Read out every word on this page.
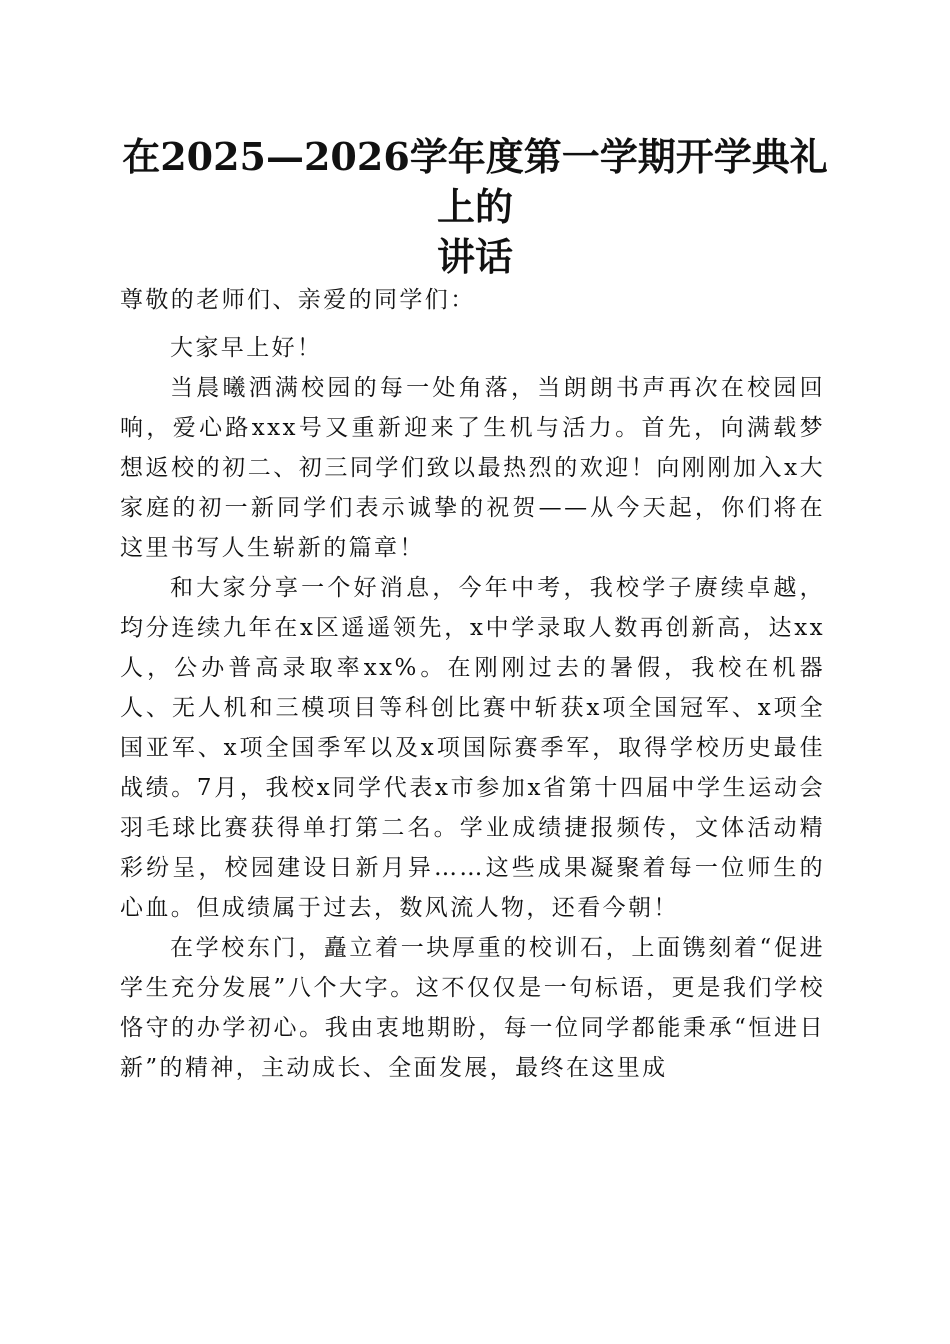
在2025—2026学年度第一学期开学典礼上的
讲话

尊敬的老师们、亲爱的同学们：

大家早上好！

当晨曦洒满校园的每一处角落，当朗朗书声再次在校园回响，爱心路xxx号又重新迎来了生机与活力。首先，向满载梦想返校的初二、初三同学们致以最热烈的欢迎！向刚刚加入x大家庭的初一新同学们表示诚挚的祝贺——从今天起，你们将在这里书写人生崭新的篇章！

和大家分享一个好消息，今年中考，我校学子赓续卓越，均分连续九年在x区遥遥领先，x中学录取人数再创新高，达xx人，公办普高录取率xx%。在刚刚过去的暑假，我校在机器人、无人机和三模项目等科创比赛中斩获x项全国冠军、x项全国亚军、x项全国季军以及x项国际赛季军，取得学校历史最佳战绩。7月，我校x同学代表x市参加x省第十四届中学生运动会羽毛球比赛获得单打第二名。学业成绩捷报频传，文体活动精彩纷呈，校园建设日新月异……这些成果凝聚着每一位师生的心血。但成绩属于过去，数风流人物，还看今朝！

在学校东门，矗立着一块厚重的校训石，上面镌刻着“促进学生充分发展”八个大字。这不仅仅是一句标语，更是我们学校恪守的办学初心。我由衷地期盼，每一位同学都能秉承“恒进日新”的精神，主动成长、全面发展，最终在这里成
